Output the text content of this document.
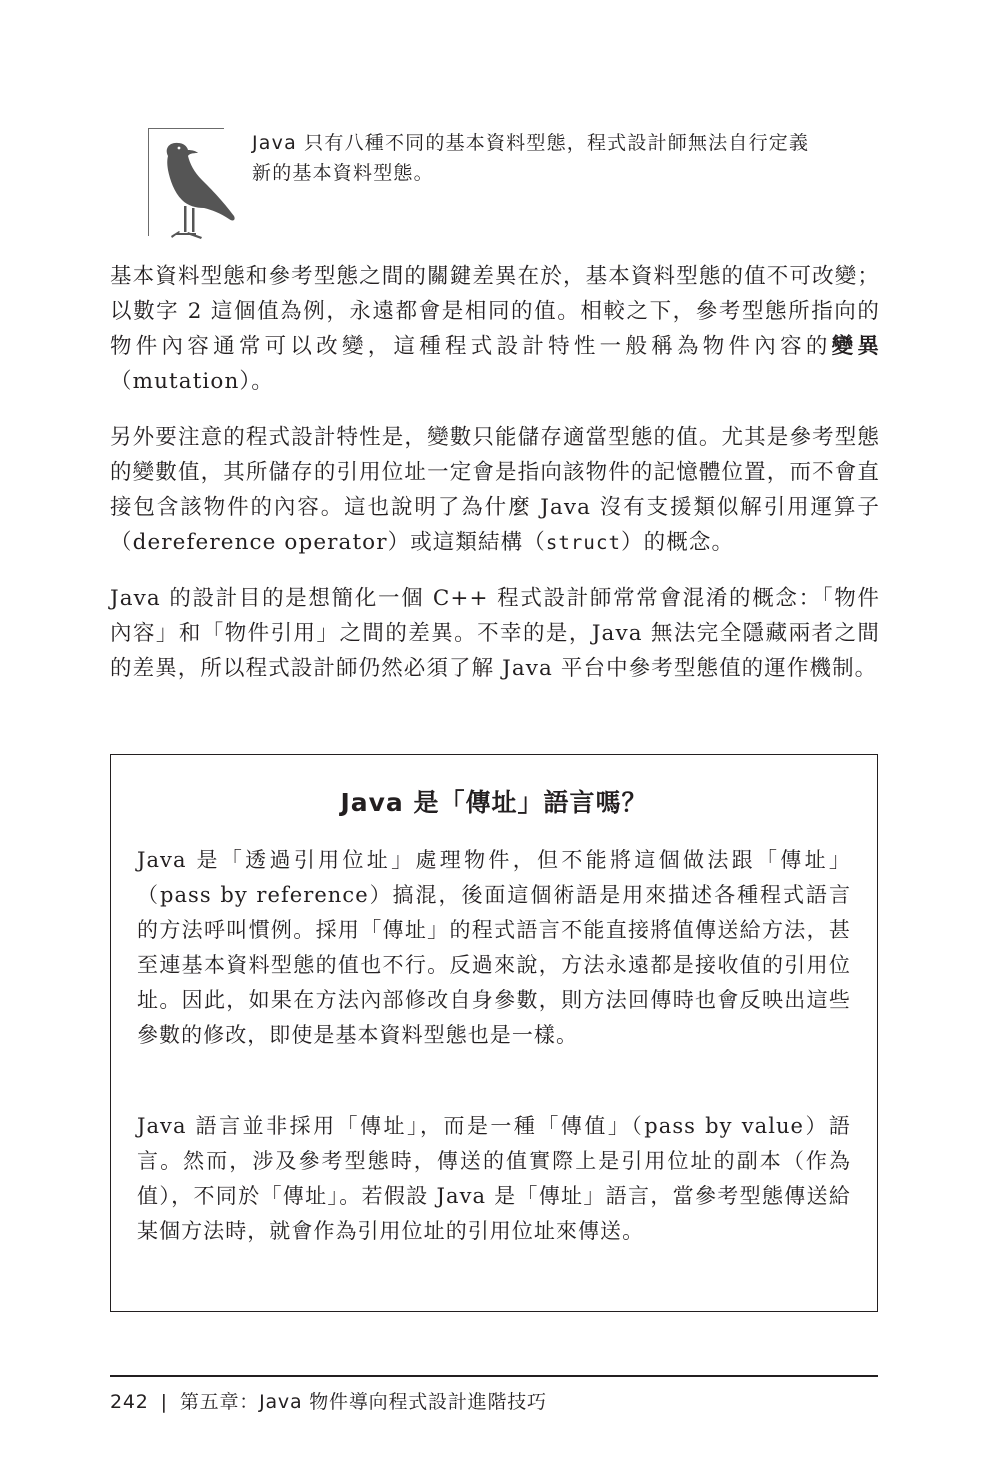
Java 只有八種不同的基本資料型態，程式設計師無法自行定義新的基本資料型態。

基本資料型態和參考型態之間的關鍵差異在於，基本資料型態的值不可改變；以數字 2 這個值為例，永遠都會是相同的值。相較之下，參考型態所指向的物件內容通常可以改變，這種程式設計特性一般稱為物件內容的變異（mutation）。

另外要注意的程式設計特性是，變數只能儲存適當型態的值。尤其是參考型態的變數值，其所儲存的引用位址一定會是指向該物件的記憶體位置，而不會直接包含該物件的內容。這也說明了為什麼 Java 沒有支援類似解引用運算子（dereference operator）或這類結構（struct）的概念。

Java 的設計目的是想簡化一個 C++ 程式設計師常常會混淆的概念：「物件內容」和「物件引用」之間的差異。不幸的是，Java 無法完全隱藏兩者之間的差異，所以程式設計師仍然必須了解 Java 平台中參考型態值的運作機制。

Java 是「傳址」語言嗎？

Java 是「透過引用位址」處理物件，但不能將這個做法跟「傳址」（pass by reference）搞混，後面這個術語是用來描述各種程式語言的方法呼叫慣例。採用「傳址」的程式語言不能直接將值傳送給方法，甚至連基本資料型態的值也不行。反過來說，方法永遠都是接收值的引用位址。因此，如果在方法內部修改自身參數，則方法回傳時也會反映出這些參數的修改，即使是基本資料型態也是一樣。

Java 語言並非採用「傳址」，而是一種「傳值」（pass by value）語言。然而，涉及參考型態時，傳送的值實際上是引用位址的副本（作為值），不同於「傳址」。若假設 Java 是「傳址」語言，當參考型態傳送給某個方法時，就會作為引用位址的引用位址來傳送。

242 | 第五章：Java 物件導向程式設計進階技巧
